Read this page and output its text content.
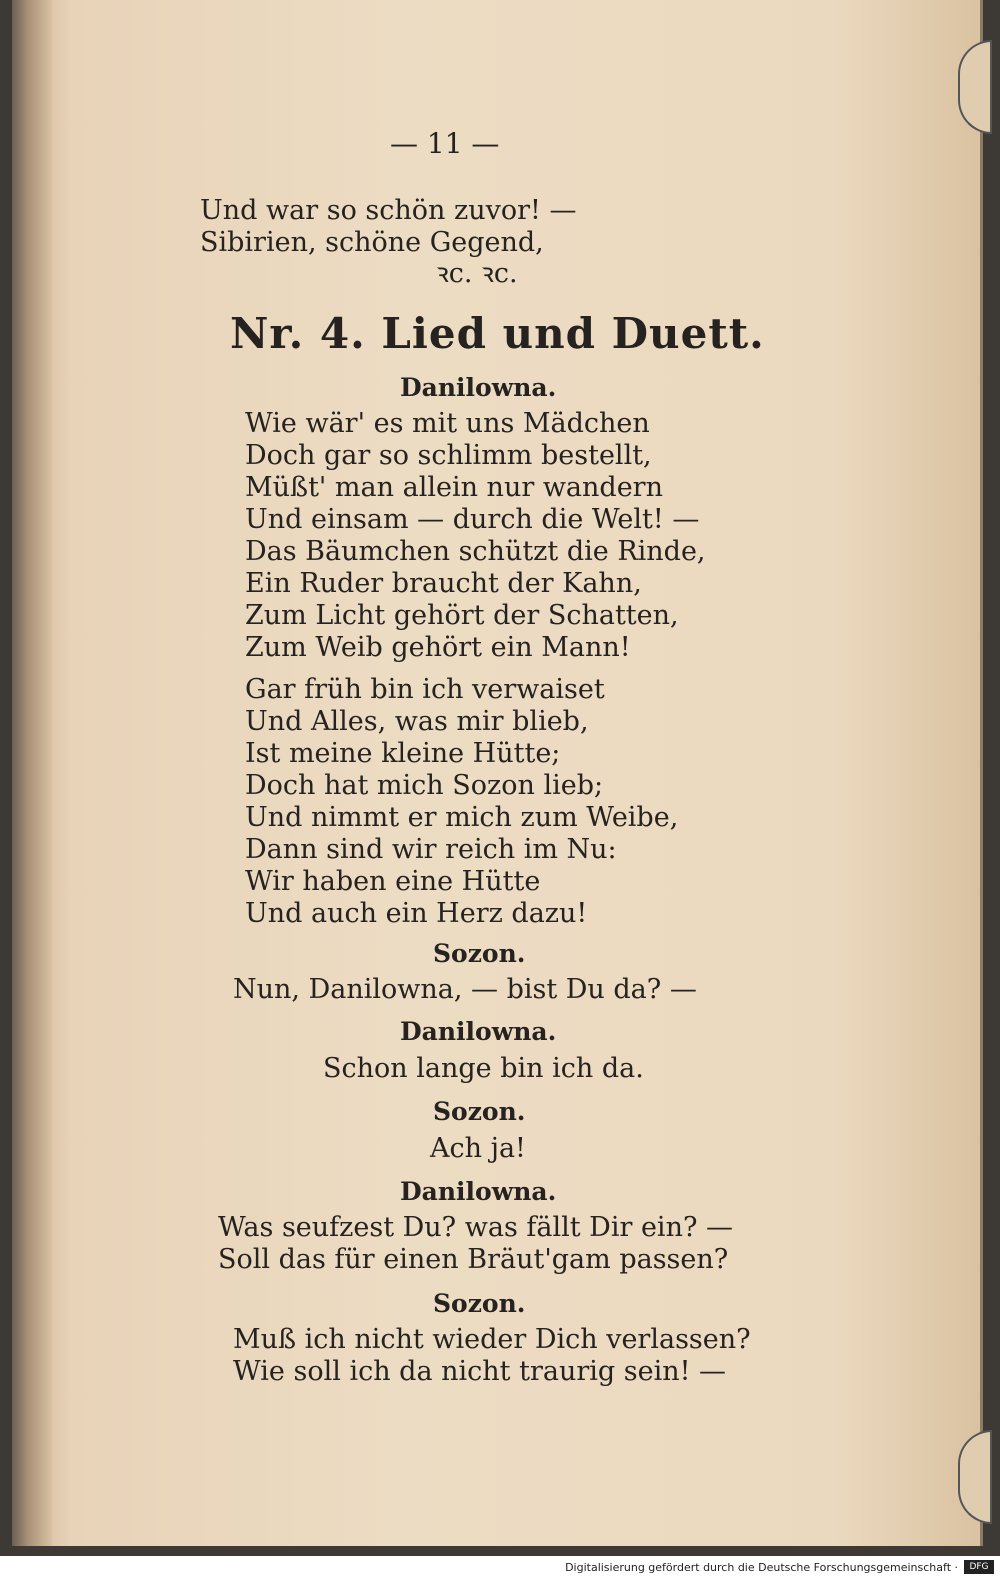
— 11 —
Und war so schön zuvor! —
Sibirien, schöne Gegend,
ꝛc. ꝛc.
Nr. 4. Lied und Duett.
Danilowna.
Wie wär' es mit uns Mädchen
Doch gar so schlimm bestellt,
Müßt' man allein nur wandern
Und einsam — durch die Welt! —
Das Bäumchen schützt die Rinde,
Ein Ruder braucht der Kahn,
Zum Licht gehört der Schatten,
Zum Weib gehört ein Mann!
Gar früh bin ich verwaiset
Und Alles, was mir blieb,
Ist meine kleine Hütte;
Doch hat mich Sozon lieb;
Und nimmt er mich zum Weibe,
Dann sind wir reich im Nu:
Wir haben eine Hütte
Und auch ein Herz dazu!
Sozon.
Nun, Danilowna, — bist Du da? —
Danilowna.
Schon lange bin ich da.
Sozon.
Ach ja!
Danilowna.
Was seufzest Du? was fällt Dir ein? —
Soll das für einen Bräut'gam passen?
Sozon.
Muß ich nicht wieder Dich verlassen?
Wie soll ich da nicht traurig sein! —
Digitalisierung gefördert durch die Deutsche Forschungsgemeinschaft ·	DFG
